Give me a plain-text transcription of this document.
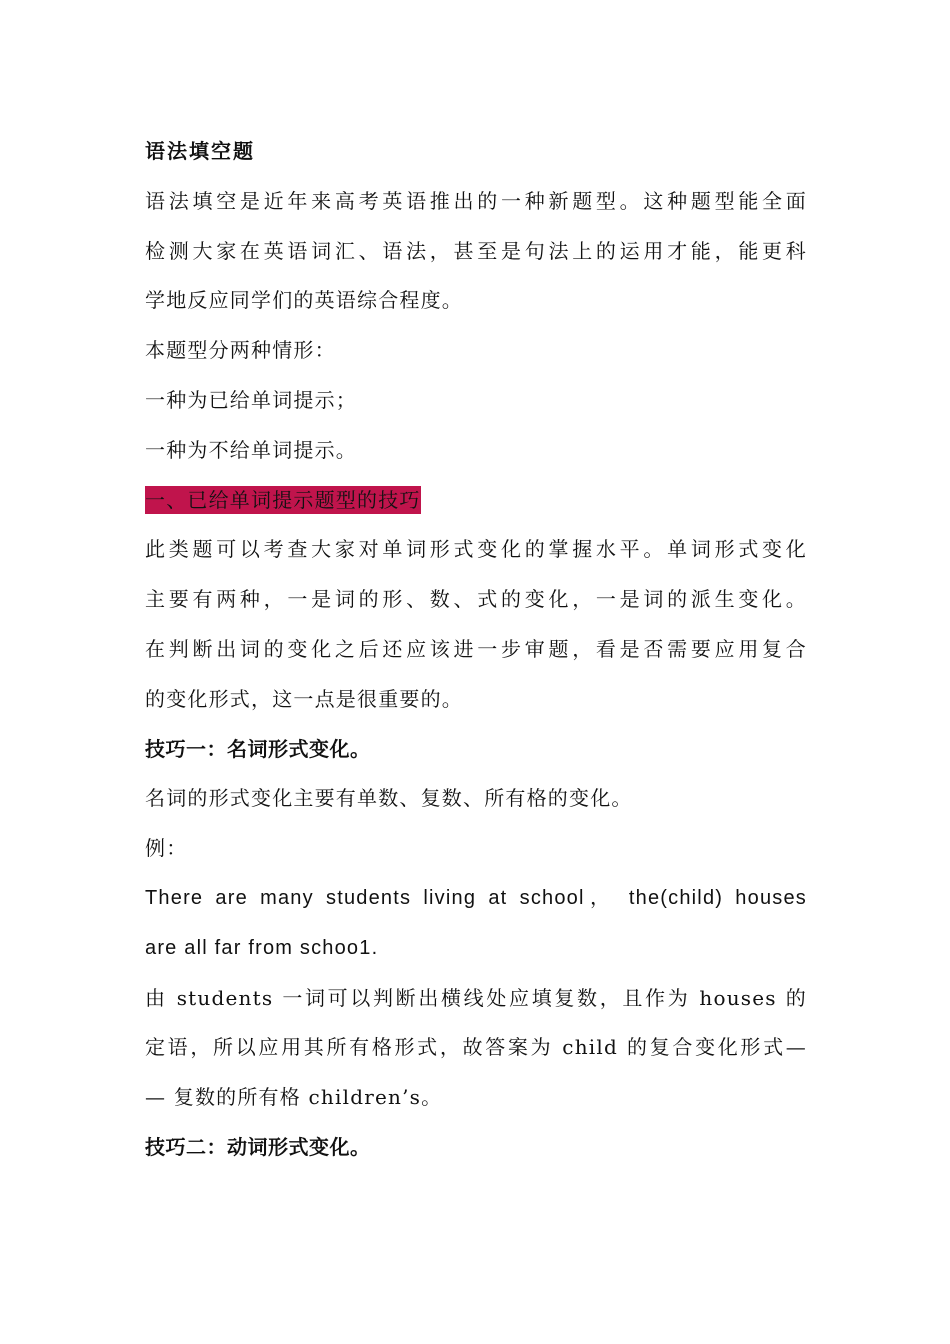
语法填空题
语法填空是近年来高考英语推出的一种新题型。这种题型能全面
检测大家在英语词汇、语法，甚至是句法上的运用才能，能更科
学地反应同学们的英语综合程度。
本题型分两种情形：
一种为已给单词提示；
一种为不给单词提示。
一、已给单词提示题型的技巧
此类题可以考查大家对单词形式变化的掌握水平。单词形式变化
主要有两种，一是词的形、数、式的变化，一是词的派生变化。
在判断出词的变化之后还应该进一步审题，看是否需要应用复合
的变化形式，这一点是很重要的。
技巧一：名词形式变化。
名词的形式变化主要有单数、复数、所有格的变化。
例：
There are many students living at school， the(child) houses
are all far from schoo1.
由 students 一词可以判断出横线处应填复数，且作为 houses 的
定语，所以应用其所有格形式，故答案为 child 的复合变化形式—
— 复数的所有格 children’s。
技巧二：动词形式变化。
